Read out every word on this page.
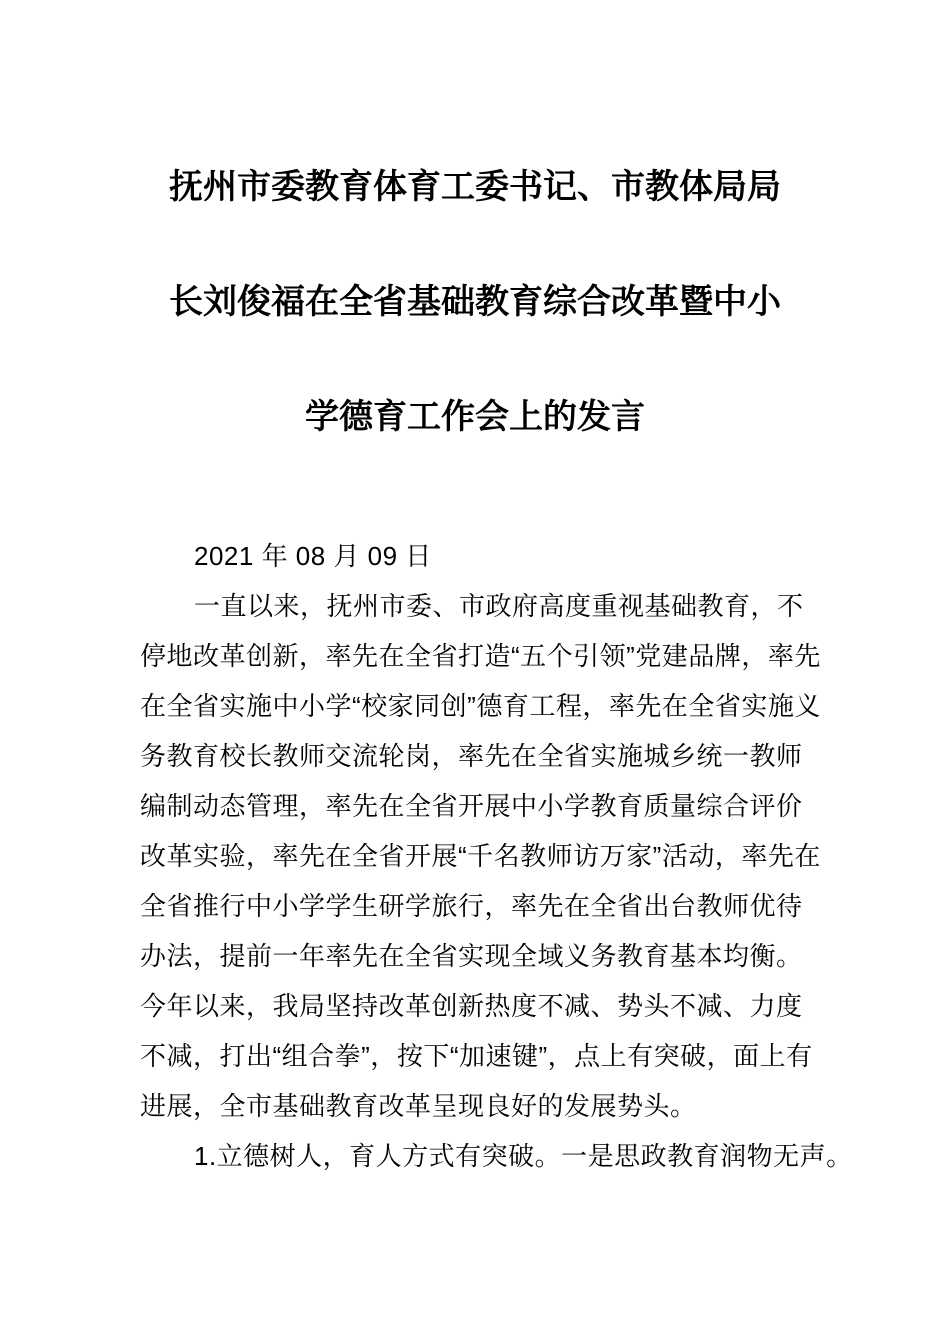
抚州市委教育体育工委书记、市教体局局
长刘俊福在全省基础教育综合改革暨中小
学德育工作会上的发言
2021 年 08 月 09 日
一直以来，抚州市委、市政府高度重视基础教育，不
停地改革创新，率先在全省打造“五个引领”党建品牌，率先
在全省实施中小学“校家同创”德育工程，率先在全省实施义
务教育校长教师交流轮岗，率先在全省实施城乡统一教师
编制动态管理，率先在全省开展中小学教育质量综合评价
改革实验，率先在全省开展“千名教师访万家”活动，率先在
全省推行中小学学生研学旅行，率先在全省出台教师优待
办法，提前一年率先在全省实现全域义务教育基本均衡。
今年以来，我局坚持改革创新热度不减、势头不减、力度
不减，打出“组合拳”，按下“加速键”，点上有突破，面上有
进展，全市基础教育改革呈现良好的发展势头。
1.立德树人，育人方式有突破。一是思政教育润物无声。
